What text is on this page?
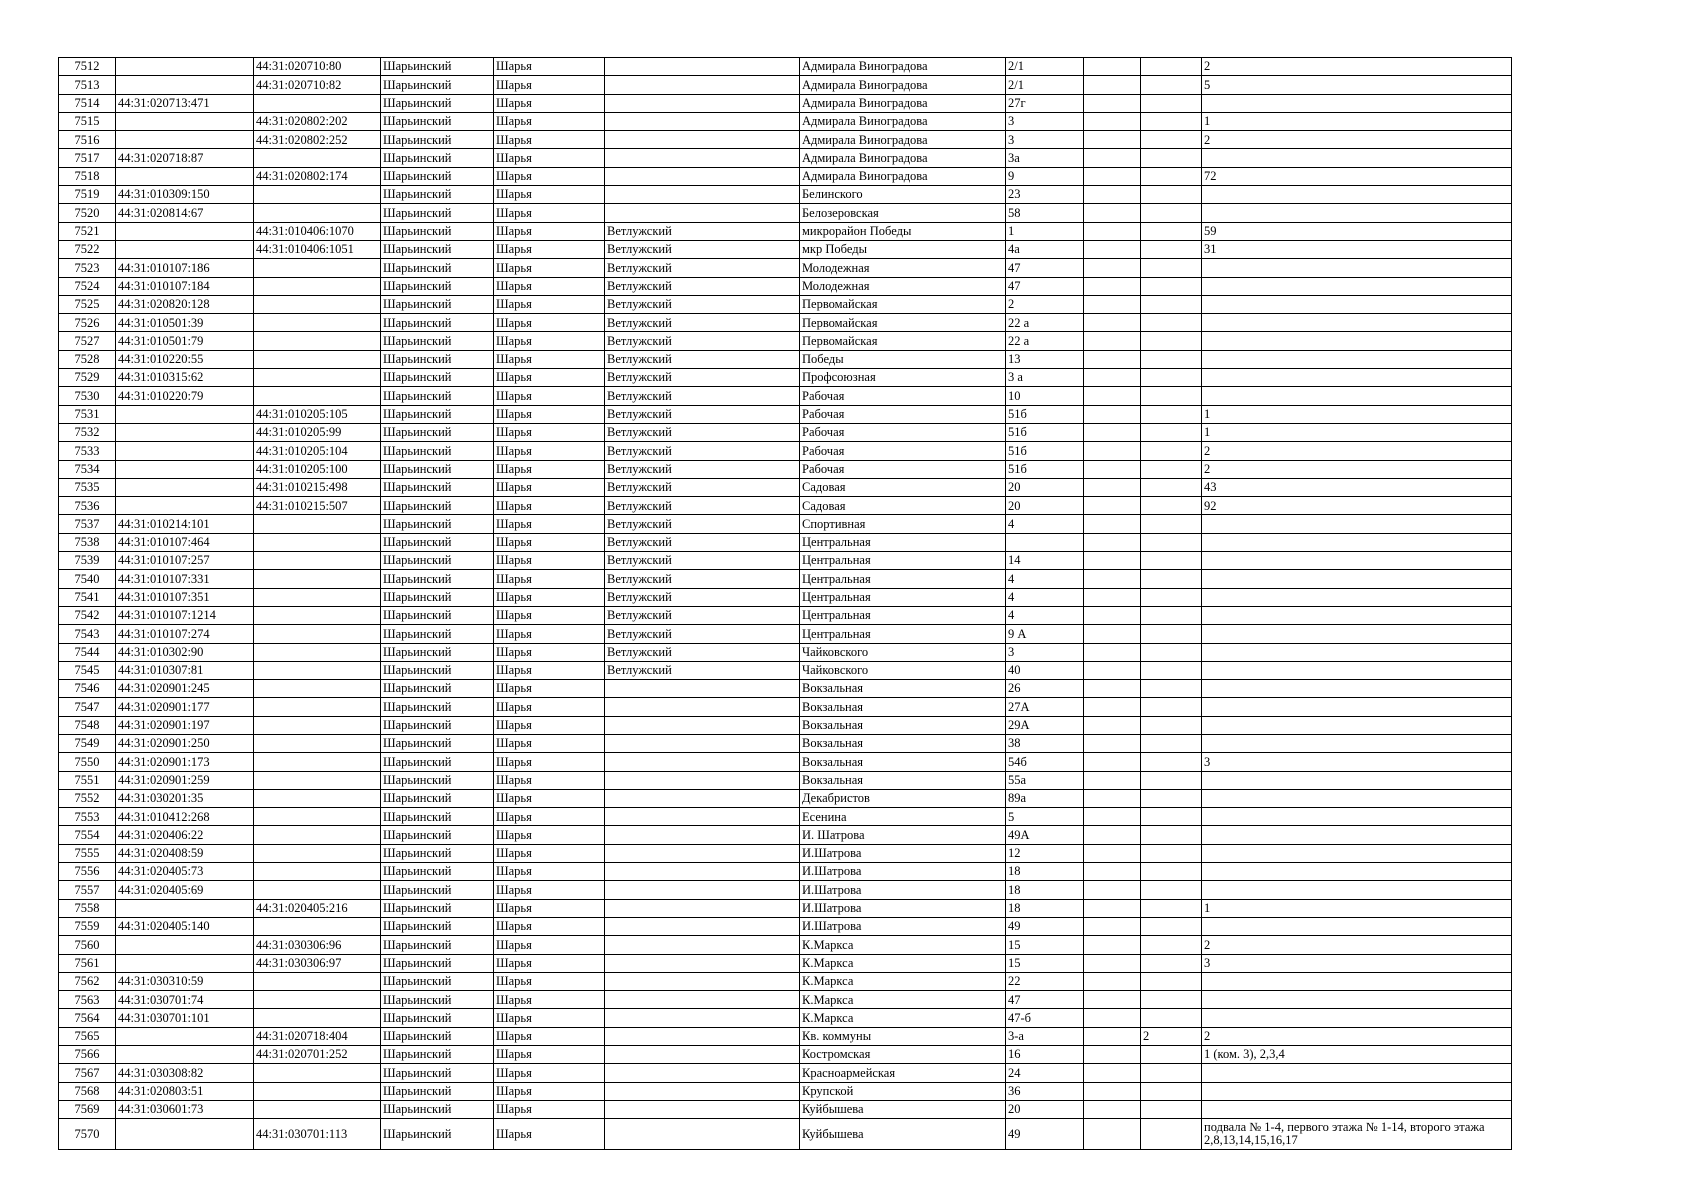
7512		44:31:020710:80	Шарьинский	Шарья		Адмирала Виноградова	2/1			2
7513		44:31:020710:82	Шарьинский	Шарья		Адмирала Виноградова	2/1			5
7514	44:31:020713:471		Шарьинский	Шарья		Адмирала Виноградова	27г			
7515		44:31:020802:202	Шарьинский	Шарья		Адмирала Виноградова	3			1
7516		44:31:020802:252	Шарьинский	Шарья		Адмирала Виноградова	3			2
7517	44:31:020718:87		Шарьинский	Шарья		Адмирала Виноградова	3а			
7518		44:31:020802:174	Шарьинский	Шарья		Адмирала Виноградова	9			72
7519	44:31:010309:150		Шарьинский	Шарья		Белинского	23			
7520	44:31:020814:67		Шарьинский	Шарья		Белозеровская	58			
7521		44:31:010406:1070	Шарьинский	Шарья	Ветлужский	микрорайон Победы	1			59
7522		44:31:010406:1051	Шарьинский	Шарья	Ветлужский	мкр Победы	4а			31
7523	44:31:010107:186		Шарьинский	Шарья	Ветлужский	Молодежная	47			
7524	44:31:010107:184		Шарьинский	Шарья	Ветлужский	Молодежная	47			
7525	44:31:020820:128		Шарьинский	Шарья	Ветлужский	Первомайская	2			
7526	44:31:010501:39		Шарьинский	Шарья	Ветлужский	Первомайская	22 а			
7527	44:31:010501:79		Шарьинский	Шарья	Ветлужский	Первомайская	22 а			
7528	44:31:010220:55		Шарьинский	Шарья	Ветлужский	Победы	13			
7529	44:31:010315:62		Шарьинский	Шарья	Ветлужский	Профсоюзная	3 а			
7530	44:31:010220:79		Шарьинский	Шарья	Ветлужский	Рабочая	10			
7531		44:31:010205:105	Шарьинский	Шарья	Ветлужский	Рабочая	51б			1
7532		44:31:010205:99	Шарьинский	Шарья	Ветлужский	Рабочая	51б			1
7533		44:31:010205:104	Шарьинский	Шарья	Ветлужский	Рабочая	51б			2
7534		44:31:010205:100	Шарьинский	Шарья	Ветлужский	Рабочая	51б			2
7535		44:31:010215:498	Шарьинский	Шарья	Ветлужский	Садовая	20			43
7536		44:31:010215:507	Шарьинский	Шарья	Ветлужский	Садовая	20			92
7537	44:31:010214:101		Шарьинский	Шарья	Ветлужский	Спортивная	4			
7538	44:31:010107:464		Шарьинский	Шарья	Ветлужский	Центральная				
7539	44:31:010107:257		Шарьинский	Шарья	Ветлужский	Центральная	14			
7540	44:31:010107:331		Шарьинский	Шарья	Ветлужский	Центральная	4			
7541	44:31:010107:351		Шарьинский	Шарья	Ветлужский	Центральная	4			
7542	44:31:010107:1214		Шарьинский	Шарья	Ветлужский	Центральная	4			
7543	44:31:010107:274		Шарьинский	Шарья	Ветлужский	Центральная	9 А			
7544	44:31:010302:90		Шарьинский	Шарья	Ветлужский	Чайковского	3			
7545	44:31:010307:81		Шарьинский	Шарья	Ветлужский	Чайковского	40			
7546	44:31:020901:245		Шарьинский	Шарья		Вокзальная	26			
7547	44:31:020901:177		Шарьинский	Шарья		Вокзальная	27А			
7548	44:31:020901:197		Шарьинский	Шарья		Вокзальная	29А			
7549	44:31:020901:250		Шарьинский	Шарья		Вокзальная	38			
7550	44:31:020901:173		Шарьинский	Шарья		Вокзальная	54б			3
7551	44:31:020901:259		Шарьинский	Шарья		Вокзальная	55а			
7552	44:31:030201:35		Шарьинский	Шарья		Декабристов	89а			
7553	44:31:010412:268		Шарьинский	Шарья		Есенина	5			
7554	44:31:020406:22		Шарьинский	Шарья		И. Шатрова	49А			
7555	44:31:020408:59		Шарьинский	Шарья		И.Шатрова	12			
7556	44:31:020405:73		Шарьинский	Шарья		И.Шатрова	18			
7557	44:31:020405:69		Шарьинский	Шарья		И.Шатрова	18			
7558		44:31:020405:216	Шарьинский	Шарья		И.Шатрова	18			1
7559	44:31:020405:140		Шарьинский	Шарья		И.Шатрова	49			
7560		44:31:030306:96	Шарьинский	Шарья		К.Маркса	15			2
7561		44:31:030306:97	Шарьинский	Шарья		К.Маркса	15			3
7562	44:31:030310:59		Шарьинский	Шарья		К.Маркса	22			
7563	44:31:030701:74		Шарьинский	Шарья		К.Маркса	47			
7564	44:31:030701:101		Шарьинский	Шарья		К.Маркса	47-б			
7565		44:31:020718:404	Шарьинский	Шарья		Кв. коммуны	3-а		2	2
7566		44:31:020701:252	Шарьинский	Шарья		Костромская	16			1 (ком. 3), 2,3,4
7567	44:31:030308:82		Шарьинский	Шарья		Красноармейская	24			
7568	44:31:020803:51		Шарьинский	Шарья		Крупской	36			
7569	44:31:030601:73		Шарьинский	Шарья		Куйбышева	20			
7570		44:31:030701:113	Шарьинский	Шарья		Куйбышева	49			подвала № 1-4, первого этажа № 1-14, второго этажа 2,8,13,14,15,16,17
